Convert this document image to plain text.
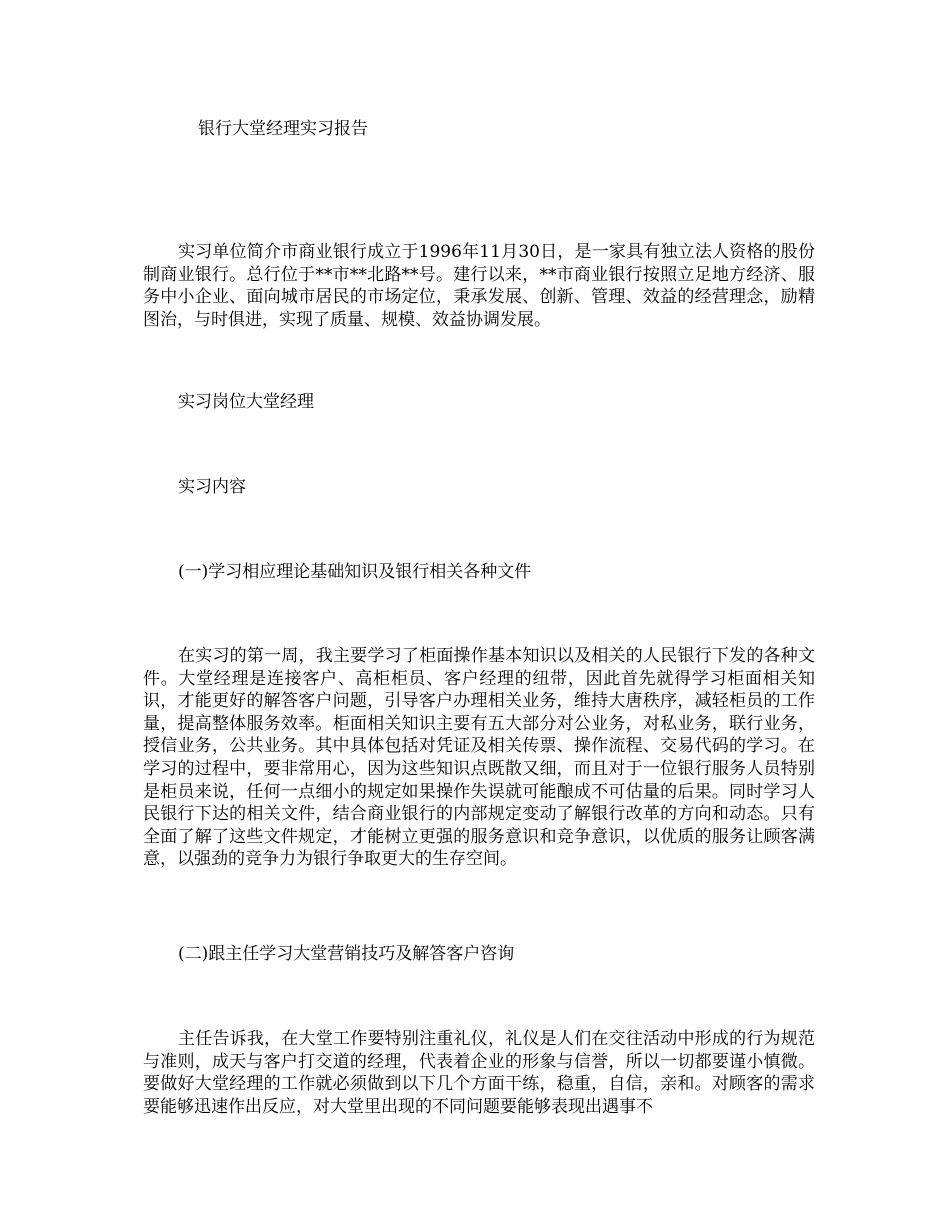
银行大堂经理实习报告

实习单位简介市商业银行成立于1996年11月30日，是一家具有独立法人资格的股份制商业银行。总行位于**市**北路**号。建行以来，**市商业银行按照立足地方经济、服务中小企业、面向城市居民的市场定位，秉承发展、创新、管理、效益的经营理念，励精图治，与时俱进，实现了质量、规模、效益协调发展。

实习岗位大堂经理

实习内容

(一)学习相应理论基础知识及银行相关各种文件

在实习的第一周，我主要学习了柜面操作基本知识以及相关的人民银行下发的各种文件。大堂经理是连接客户、高柜柜员、客户经理的纽带，因此首先就得学习柜面相关知识，才能更好的解答客户问题，引导客户办理相关业务，维持大唐秩序，减轻柜员的工作量，提高整体服务效率。柜面相关知识主要有五大部分对公业务，对私业务，联行业务，授信业务，公共业务。其中具体包括对凭证及相关传票、操作流程、交易代码的学习。在学习的过程中，要非常用心，因为这些知识点既散又细，而且对于一位银行服务人员特别是柜员来说，任何一点细小的规定如果操作失误就可能酿成不可估量的后果。同时学习人民银行下达的相关文件，结合商业银行的内部规定变动了解银行改革的方向和动态。只有全面了解了这些文件规定，才能树立更强的服务意识和竞争意识，以优质的服务让顾客满意，以强劲的竞争力为银行争取更大的生存空间。

(二)跟主任学习大堂营销技巧及解答客户咨询

主任告诉我，在大堂工作要特别注重礼仪，礼仪是人们在交往活动中形成的行为规范与准则，成天与客户打交道的经理，代表着企业的形象与信誉，所以一切都要谨小慎微。要做好大堂经理的工作就必须做到以下几个方面干练，稳重，自信，亲和。对顾客的需求要能够迅速作出反应，对大堂里出现的不同问题要能够表现出遇事不
